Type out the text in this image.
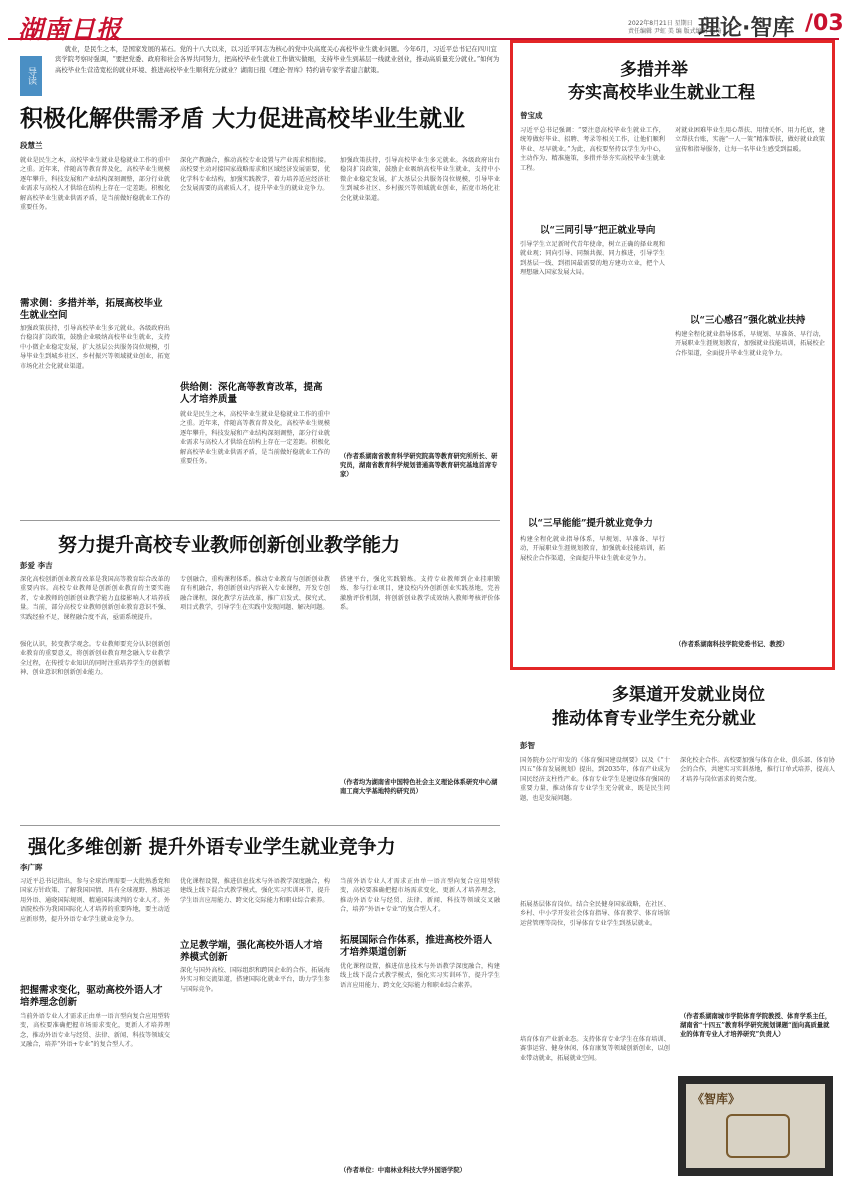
湖南日报	2022年8月21日 星期日
责任编辑 尹虹 美 编 版式编辑 杨琦
理论·智库 /03
导读
就业，是民生之本，是国家发展的基石。党的十八大以来，以习近平同志为核心的党中央高度关心高校毕业生就业问题。今年6月，习近平总书记在四川宜宾学院考察时强调，“要把党委、政府和社会各界共同努力，把高校毕业生就业工作做实做细，支持毕业生到基层一线就业创业，推动高质量充分就业。”如何为高校毕业生营造宽松的就业环境、推进高校毕业生顺利充分就业？湖南日报《理论·智库》特约请专家学者建言献策。
积极化解供需矛盾 大力促进高校毕业生就业
段慧兰
就业是民生之本，高校毕业生就业是稳就业工作的重中之重。近年来，伴随高等教育普及化，高校毕业生规模逐年攀升，科技发展和产业结构深刻调整，部分行业就业需求与高校人才供给在结构上存在一定差距。积极化解高校毕业生就业供需矛盾，是当前做好稳就业工作的重要任务。
需求侧：多措并举，拓展高校毕业生就业空间
加强政策扶持，引导高校毕业生多元就业。各级政府出台稳岗扩岗政策，鼓励企业吸纳高校毕业生就业，支持中小微企业稳定发展，扩大基层公共服务岗位规模，引导毕业生到城乡社区、乡村振兴等领域就业创业，拓宽市场化社会化就业渠道。
深化产教融合，推动高校专业设置与产业需求相衔接。高校要主动对接国家战略需求和区域经济发展需要，优化学科专业结构，加强实践教学，着力培养适应经济社会发展需要的高素质人才，提升毕业生的就业竞争力。
供给侧：深化高等教育改革，提高人才培养质量
就业是民生之本，高校毕业生就业是稳就业工作的重中之重。近年来，伴随高等教育普及化，高校毕业生规模逐年攀升，科技发展和产业结构深刻调整，部分行业就业需求与高校人才供给在结构上存在一定差距。积极化解高校毕业生就业供需矛盾，是当前做好稳就业工作的重要任务。
加强政策扶持，引导高校毕业生多元就业。各级政府出台稳岗扩岗政策，鼓励企业吸纳高校毕业生就业，支持中小微企业稳定发展，扩大基层公共服务岗位规模，引导毕业生到城乡社区、乡村振兴等领域就业创业，拓宽市场化社会化就业渠道。
（作者系湖南省教育科学研究院高等教育研究所所长、研究员，湖南省教育科学规划普通高等教育研究基地首席专家）
努力提升高校专业教师创新创业教学能力
彭爱 李吉
深化高校创新创业教育改革是我国高等教育综合改革的重要内容。高校专业教师是创新创业教育的主要实施者，专业教师的创新创业教学能力直接影响人才培养质量。当前，部分高校专业教师创新创业教育意识不强、实践经验不足，课程融合度不高，亟需系统提升。
强化认识，转变教学观念。专业教师要充分认识创新创业教育的重要意义，将创新创业教育理念融入专业教学全过程，在传授专业知识的同时注重培养学生的创新精神、创业意识和创新创业能力。
专创融合，重构课程体系。推动专业教育与创新创业教育有机融合，将创新创业内容嵌入专业课程，开发专创融合课程，深化教学方法改革，推广启发式、探究式、项目式教学，引导学生在实践中发现问题、解决问题。
搭建平台，强化实践锻炼。支持专业教师到企业挂职锻炼、参与行业项目，建设校内外创新创业实践基地，完善激励评价机制，将创新创业教学成效纳入教师考核评价体系。
（作者均为湖南省中国特色社会主义理论体系研究中心湖南工商大学基地特约研究员）
强化多维创新 提升外语专业学生就业竞争力
李广晖
习近平总书记指出，参与全球治理需要一大批熟悉党和国家方针政策、了解我国国情、具有全球视野、熟练运用外语、通晓国际规则、精通国际谈判的专业人才。外语院校作为我国国际化人才培养的重要阵地，要主动适应新形势，提升外语专业学生就业竞争力。
把握需求变化，驱动高校外语人才培养理念创新
当前外语专业人才需求正由单一语言型向复合应用型转变，高校要准确把握市场需求变化，更新人才培养理念，推动外语专业与经贸、法律、新闻、科技等领域交叉融合，培养“外语+专业”的复合型人才。
优化课程设置，推进信息技术与外语教学深度融合，构建线上线下混合式教学模式，强化实习实训环节，提升学生语言应用能力、跨文化交际能力和职业综合素养。
立足教学端，强化高校外语人才培养模式创新
深化与国外高校、国际组织和跨国企业的合作，拓展海外实习和交流渠道，搭建国际化就业平台，助力学生参与国际竞争。
当前外语专业人才需求正由单一语言型向复合应用型转变，高校要准确把握市场需求变化，更新人才培养理念，推动外语专业与经贸、法律、新闻、科技等领域交叉融合，培养“外语+专业”的复合型人才。
拓展国际合作体系，推进高校外语人才培养渠道创新
优化课程设置，推进信息技术与外语教学深度融合，构建线上线下混合式教学模式，强化实习实训环节，提升学生语言应用能力、跨文化交际能力和职业综合素养。
（作者单位：中南林业科技大学外国语学院）
多措并举
夯实高校毕业生就业工程
曾宝成
习近平总书记强调：“要注意高校毕业生就业工作，统筹做好毕业、招聘、考录等相关工作，让他们顺利毕业、尽早就业。”为此，高校要坚持以学生为中心，主动作为、精准施策，多措并举夯实高校毕业生就业工程。
以“三同引导”把正就业导向
引导学生立足新时代青年使命，树立正确的择业观和就业观；同向引导、同频共振、同力推进，引导学生到基层一线、到祖国最需要的地方建功立业，把个人理想融入国家发展大局。
以“三早能能”提升就业竞争力
构建全程化就业指导体系，早规划、早准备、早行动，开展职业生涯规划教育，加强就业技能培训，拓展校企合作渠道，全面提升毕业生就业竞争力。
对就业困难毕业生用心帮扶、用情关怀、用力托底，建立帮扶台账，实施“一人一策”精准帮扶，做好就业政策宣传和指导服务，让每一名毕业生感受到温暖。
以“三心感召”强化就业扶持
构建全程化就业指导体系，早规划、早准备、早行动，开展职业生涯规划教育，加强就业技能培训，拓展校企合作渠道，全面提升毕业生就业竞争力。
（作者系湖南科技学院党委书记、教授）
多渠道开发就业岗位
推动体育专业学生充分就业
彭智
国务院办公厅印发的《体育强国建设纲要》以及《“十四五”体育发展规划》提出，到2035年，体育产业成为国民经济支柱性产业。体育专业学生是建设体育强国的重要力量，推动体育专业学生充分就业，既是民生问题，也是发展问题。
拓展基层体育岗位。结合全民健身国家战略，在社区、乡村、中小学开发社会体育指导、体育教学、体育场馆运营管理等岗位，引导体育专业学生到基层就业。
培育体育产业新业态。支持体育专业学生在体育培训、赛事运营、健身休闲、体育康复等领域创新创业，以创业带动就业，拓展就业空间。
深化校企合作。高校要加强与体育企业、俱乐部、体育协会的合作，共建实习实训基地，推行订单式培养，提高人才培养与岗位需求的契合度。
（作者系湖南城市学院体育学院教授、体育学系主任，湖南省“十四五”教育科学研究规划课题“面向高质量就业的体育专业人才培养研究”负责人）
《智库》
